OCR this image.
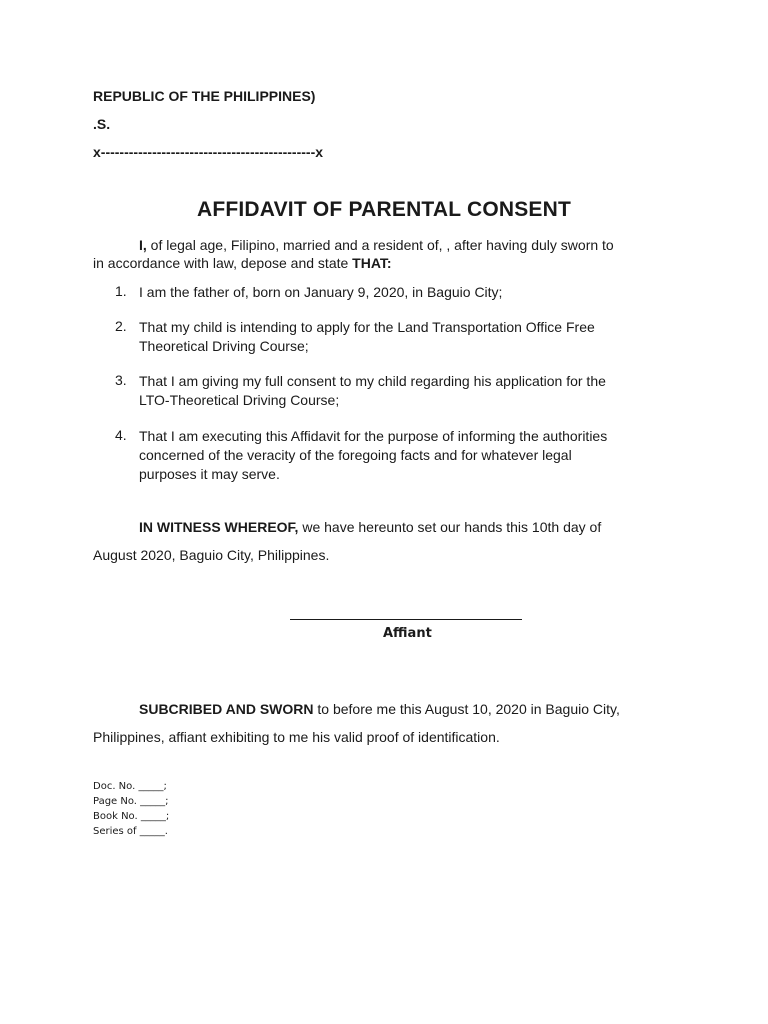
REPUBLIC OF THE PHILIPPINES)
.S.
x----------------------------------------------x
AFFIDAVIT OF PARENTAL CONSENT
I, of legal age, Filipino, married and a resident of, , after having duly sworn to
in accordance with law, depose and state THAT:
1. I am the father of, born on January 9, 2020, in Baguio City;
2. That my child is intending to apply for the Land Transportation Office Free
Theoretical Driving Course;
3. That I am giving my full consent to my child regarding his application for the
LTO-Theoretical Driving Course;
4. That I am executing this Affidavit for the purpose of informing the authorities
concerned of the veracity of the foregoing facts and for whatever legal
purposes it may serve.
IN WITNESS WHEREOF, we have hereunto set our hands this 10th day of
August 2020, Baguio City, Philippines.
Affiant
SUBCRIBED AND SWORN to before me this August 10, 2020 in Baguio City,
Philippines, affiant exhibiting to me his valid proof of identification.
Doc. No. _____;
Page No. _____;
Book No. _____;
Series of _____.
